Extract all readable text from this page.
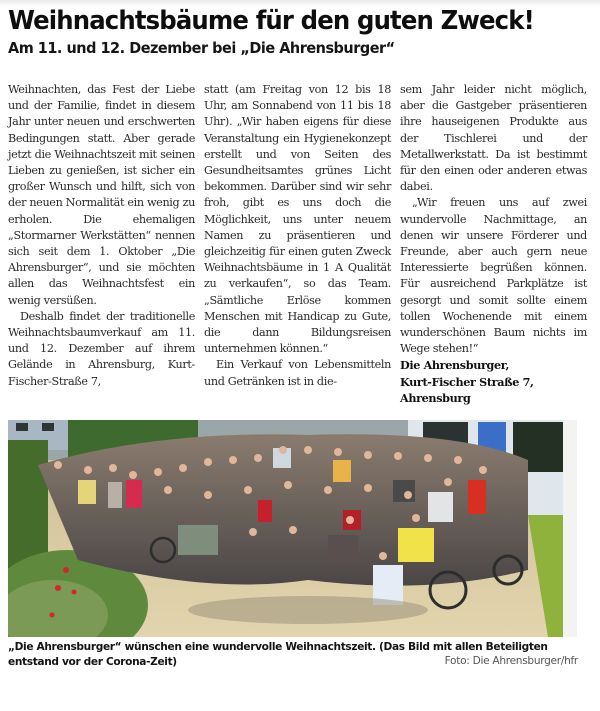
Weihnachtsbäume für den guten Zweck!
Am 11. und 12. Dezember bei „Die Ahrensburger“

Weihnachten, das Fest der Liebe und der Familie, findet in diesem Jahr unter neuen und erschwerten Bedingungen statt. Aber gerade jetzt die Weihnachtszeit mit seinen Lieben zu genießen, ist sicher ein großer Wunsch und hilft, sich von der neuen Normalität ein wenig zu erholen. Die ehemaligen „Stormarner Werkstätten“ nennen sich seit dem 1. Oktober „Die Ahrensburger“, und sie möchten allen das Weihnachtsfest ein wenig versüßen.

Deshalb findet der traditionelle Weihnachtsbaumverkauf am 11. und 12. Dezember auf ihrem Gelände in Ahrensburg, Kurt-Fischer-Straße 7,

statt (am Freitag von 12 bis 18 Uhr, am Sonnabend von 11 bis 18 Uhr). „Wir haben eigens für diese Veranstaltung ein Hygienekonzept erstellt und von Seiten des Gesundheitsamtes grünes Licht bekommen. Darüber sind wir sehr froh, gibt es uns doch die Möglichkeit, uns unter neuem Namen zu präsentieren und gleichzeitig für einen guten Zweck Weihnachtsbäume in 1 A Qualität zu verkaufen“, so das Team. „Sämtliche Erlöse kommen Menschen mit Handicap zu Gute, die dann Bildungsreisen unternehmen können.“

Ein Verkauf von Lebensmitteln und Getränken ist in die-

sem Jahr leider nicht möglich, aber die Gastgeber präsentieren ihre hauseigenen Produkte aus der Tischlerei und der Metallwerkstatt. Da ist bestimmt für den einen oder anderen etwas dabei.

„Wir freuen uns auf zwei wundervolle Nachmittage, an denen wir unsere Förderer und Freunde, aber auch gern neue Interessierte begrüßen können. Für ausreichend Parkplätze ist gesorgt und somit sollte einem tollen Wochenende mit einem wunderschönen Baum nichts im Wege stehen!“

Die Ahrensburger,

Kurt-Fischer Straße 7,

Ahrensburg

„Die Ahrensburger“ wünschen eine wundervolle Weihnachtszeit. (Das Bild mit allen Beteiligten entstand vor der Corona-Zeit)	Foto: Die Ahrensburger/hfr
